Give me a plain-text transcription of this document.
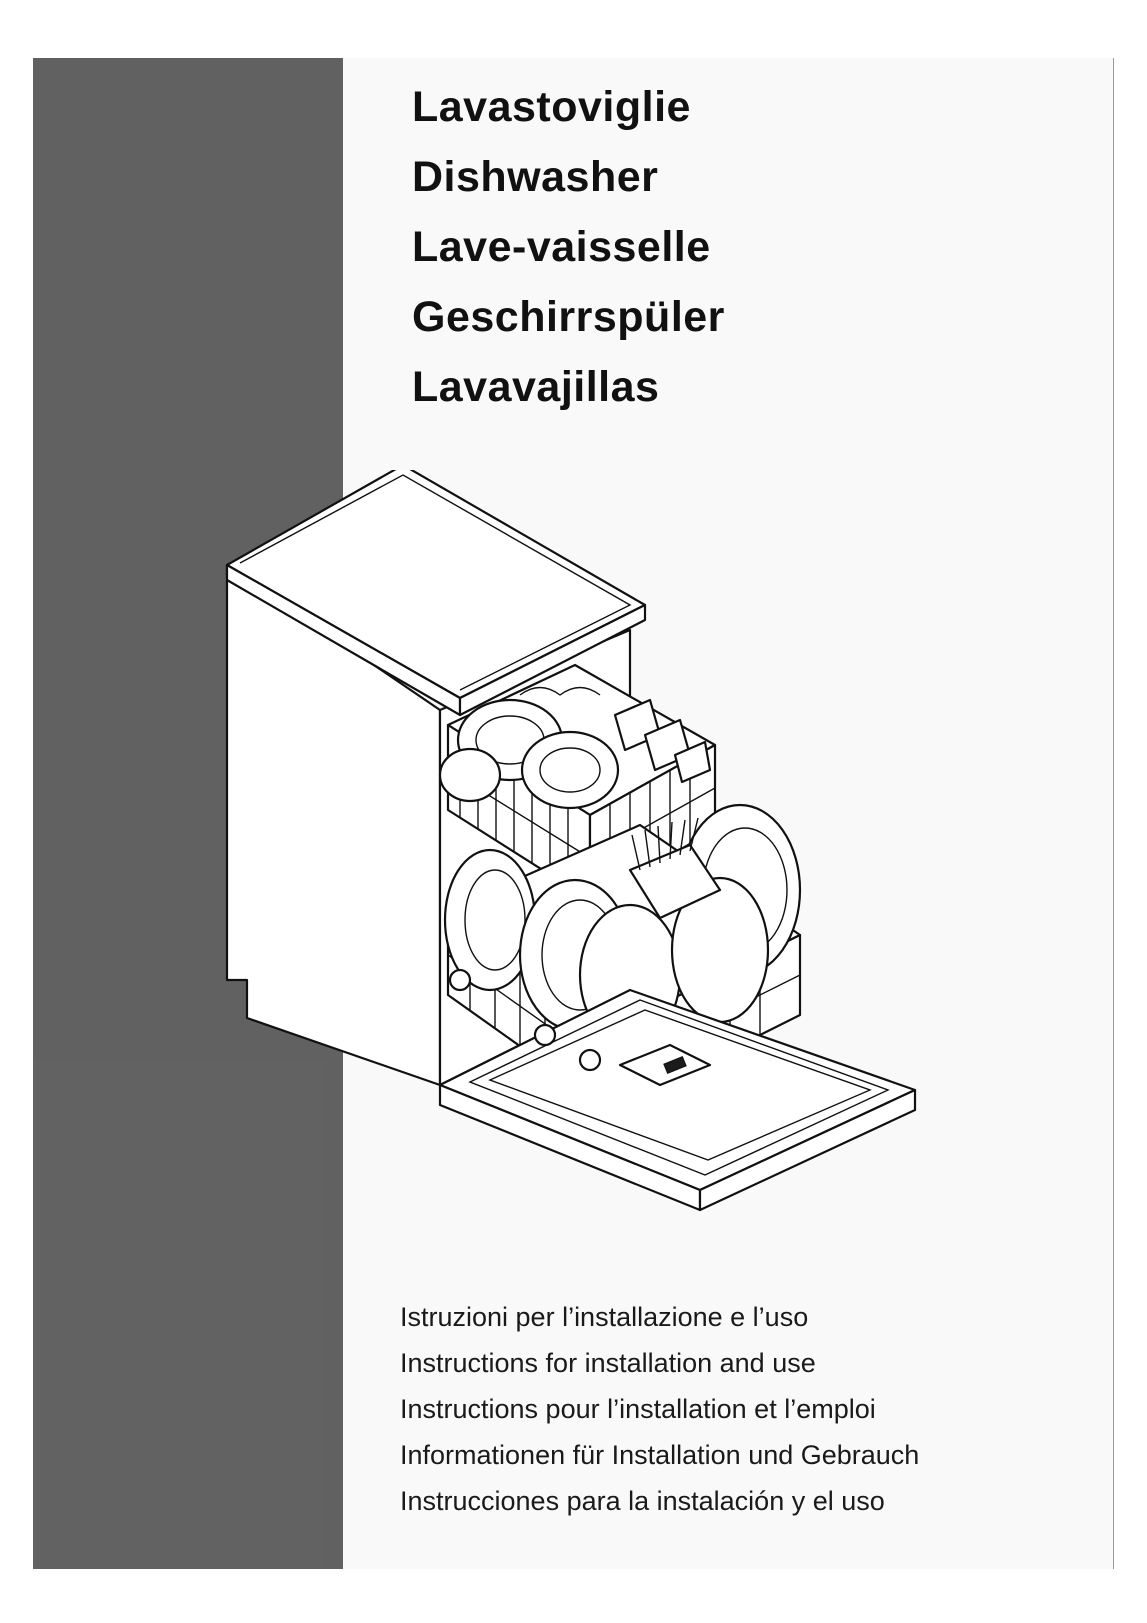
Lavastoviglie
Dishwasher
Lave-vaisselle
Geschirrspüler
Lavavajillas
Istruzioni per l’installazione e l’uso
Instructions for installation and use
Instructions pour l’installation et l’emploi
Informationen für Installation und Gebrauch
Instrucciones para la instalación y el uso
